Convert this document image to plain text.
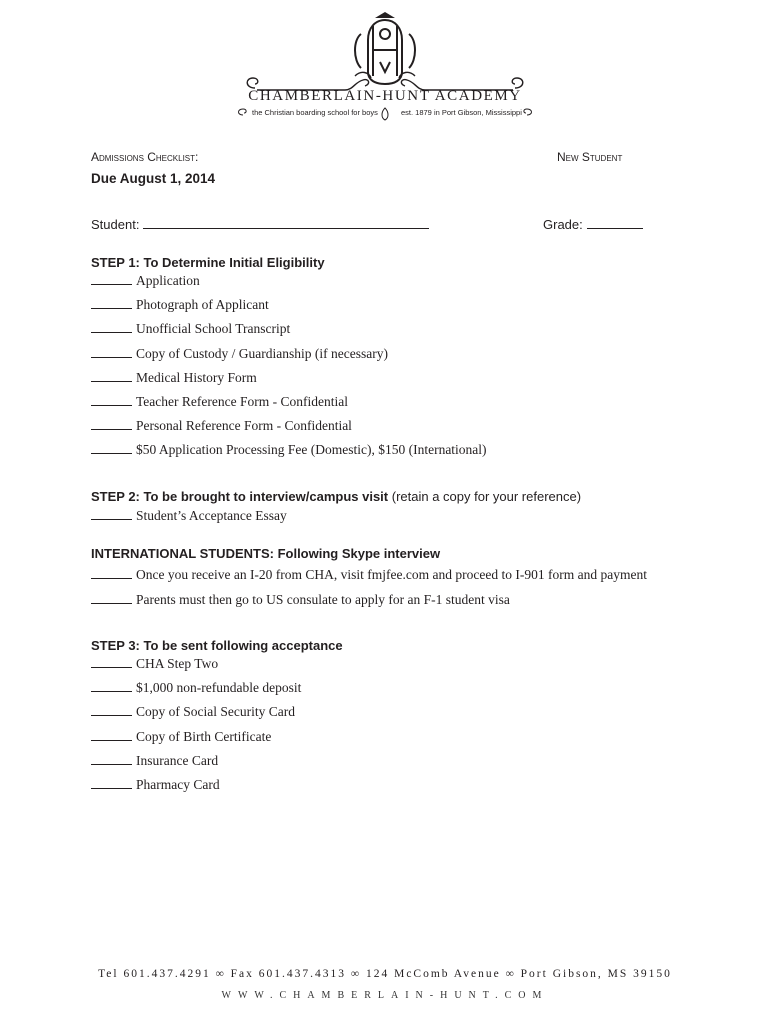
CHAMBERLAIN-HUNT ACADEMY
the Christian boarding school for boys	est. 1879 in Port Gibson, Mississippi
Admissions Checklist:	New Student
Due August 1, 2014
Student:	Grade:
STEP 1: To Determine Initial Eligibility
Application
Photograph of Applicant
Unofficial School Transcript
Copy of Custody / Guardianship (if necessary)
Medical History Form
Teacher Reference Form - Confidential
Personal Reference Form - Confidential
$50 Application Processing Fee (Domestic), $150 (International)
STEP 2: To be brought to interview/campus visit (retain a copy for your reference)
Student’s Acceptance Essay
INTERNATIONAL STUDENTS: Following Skype interview
Once you receive an I-20 from CHA, visit fmjfee.com and proceed to I-901 form and payment
Parents must then go to US consulate to apply for an F-1 student visa
STEP 3: To be sent following acceptance
CHA Step Two
$1,000 non-refundable deposit
Copy of Social Security Card
Copy of Birth Certificate
Insurance Card
Pharmacy Card
Tel 601.437.4291 ∞ Fax 601.437.4313 ∞ 124 McComb Avenue ∞ Port Gibson, MS 39150
WWW.CHAMBERLAIN-HUNT.COM
